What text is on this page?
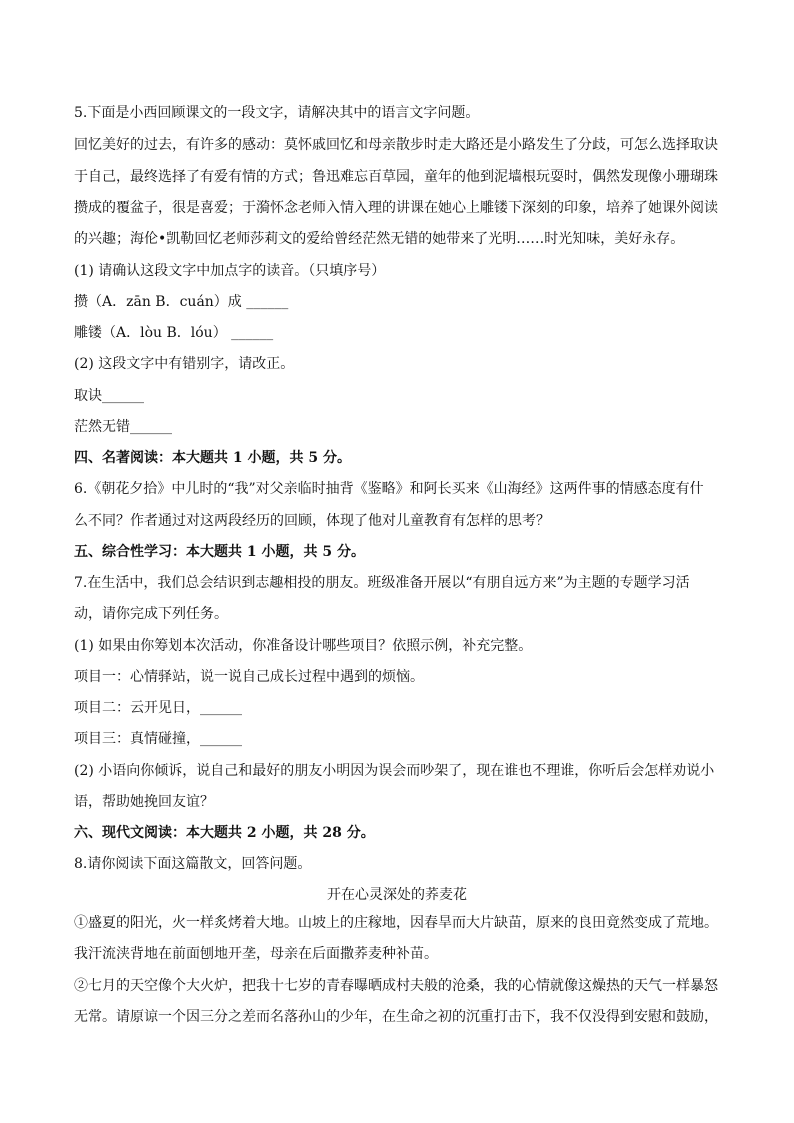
5.下面是小西回顾课文的一段文字，请解决其中的语言文字问题。
回忆美好的过去，有许多的感动：莫怀戚回忆和母亲散步时走大路还是小路发生了分歧，可怎么选择取诀
于自己，最终选择了有爱有情的方式；鲁迅难忘百草园，童年的他到泥墙根玩耍时，偶然发现像小珊瑚珠
攒成的覆盆子，很是喜爱；于漪怀念老师入情入理的讲课在她心上雕镂下深刻的印象，培养了她课外阅读
的兴趣；海伦•凯勒回忆老师莎莉文的爱给曾经茫然无错的她带来了光明……时光知味，美好永存。
(1) 请确认这段文字中加点字的读音。（只填序号）
攒（A．zān B．cuán）成 ______
雕镂（A．lòu B．lóu） ______
(2) 这段文字中有错别字，请改正。
取诀______
茫然无错______
四、名著阅读：本大题共 1 小题，共 5 分。
6.《朝花夕拾》中儿时的“我”对父亲临时抽背《鉴略》和阿长买来《山海经》这两件事的情感态度有什
么不同？作者通过对这两段经历的回顾，体现了他对儿童教育有怎样的思考？
五、综合性学习：本大题共 1 小题，共 5 分。
7.在生活中，我们总会结识到志趣相投的朋友。班级准备开展以“有朋自远方来”为主题的专题学习活
动，请你完成下列任务。
(1) 如果由你筹划本次活动，你准备设计哪些项目？依照示例，补充完整。
项目一：心情驿站，说一说自己成长过程中遇到的烦恼。
项目二：云开见日，______
项目三：真情碰撞，______
(2) 小语向你倾诉，说自己和最好的朋友小明因为误会而吵架了，现在谁也不理谁，你听后会怎样劝说小
语，帮助她挽回友谊？
六、现代文阅读：本大题共 2 小题，共 28 分。
8.请你阅读下面这篇散文，回答问题。
开在心灵深处的荞麦花
①盛夏的阳光，火一样炙烤着大地。山坡上的庄稼地，因春旱而大片缺苗，原来的良田竟然变成了荒地。
我汗流浃背地在前面刨地开垄，母亲在后面撒荞麦种补苗。
②七月的天空像个大火炉，把我十七岁的青春曝晒成村夫般的沧桑，我的心情就像这燥热的天气一样暴怒
无常。请原谅一个因三分之差而名落孙山的少年，在生命之初的沉重打击下，我不仅没得到安慰和鼓励，
